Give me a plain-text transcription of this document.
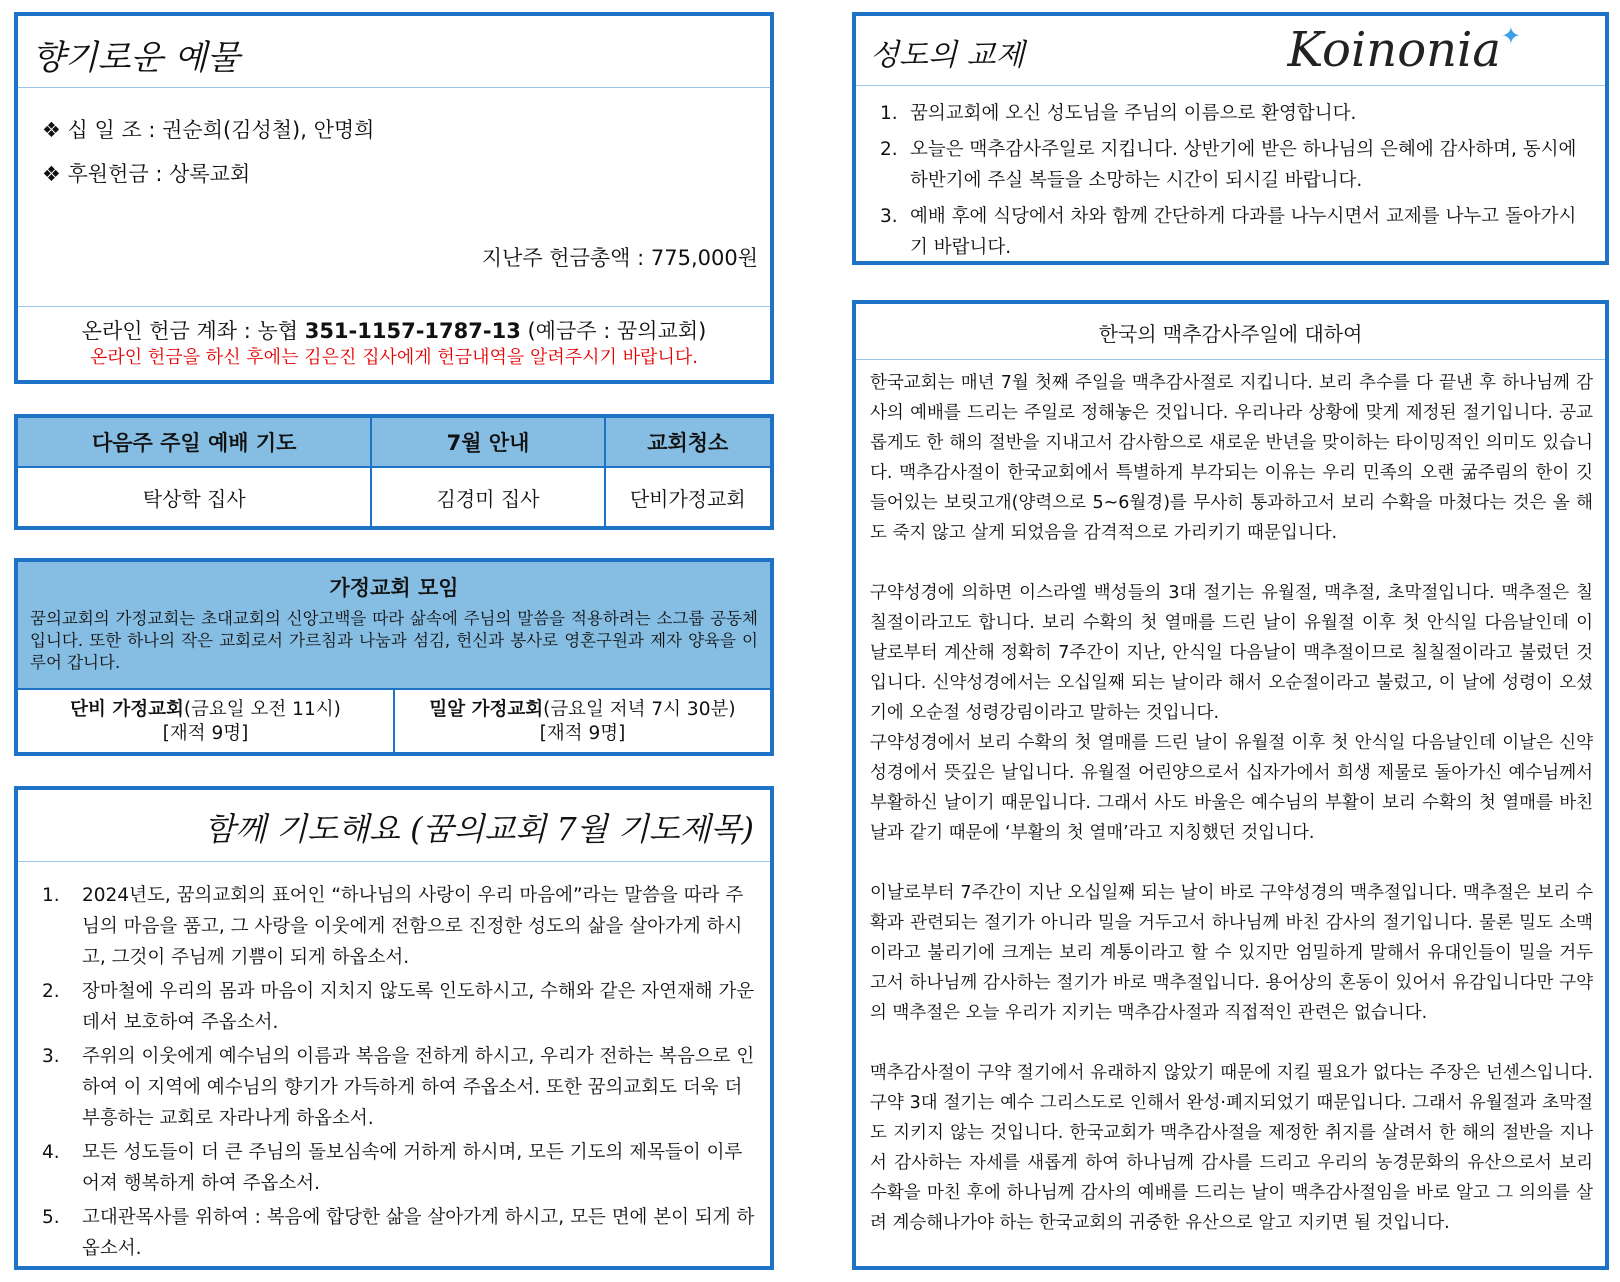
향기로운 예물
❖ 십 일 조 : 권순희(김성철), 안명희
❖ 후원헌금 : 상록교회
지난주 헌금총액 : 775,000원
온라인 헌금 계좌 : 농협 351-1157-1787-13 (예금주 : 꿈의교회)
온라인 헌금을 하신 후에는 김은진 집사에게 헌금내역을 알려주시기 바랍니다.
다음주 주일 예배 기도	7월 안내	교회청소
탁상학 집사	김경미 집사	단비가정교회
가정교회 모임

꿈의교회의 가정교회는 초대교회의 신앙고백을 따라 삶속에 주님의 말씀을 적용하려는 소그룹 공동체입니다. 또한 하나의 작은 교회로서 가르침과 나눔과 섬김, 헌신과 봉사로 영혼구원과 제자 양육을 이루어 갑니다.

단비 가정교회(금요일 오전 11시)
[재적 9명]
밀알 가정교회(금요일 저녁 7시 30분)
[재적 9명]
함께 기도해요 (꿈의교회 7월 기도제목)
1.	2024년도, 꿈의교회의 표어인 “하나님의 사랑이 우리 마음에”라는 말씀을 따라 주님의 마음을 품고, 그 사랑을 이웃에게 전함으로 진정한 성도의 삶을 살아가게 하시고, 그것이 주님께 기쁨이 되게 하옵소서.
2.	장마철에 우리의 몸과 마음이 지치지 않도록 인도하시고, 수해와 같은 자연재해 가운데서 보호하여 주옵소서.
3.	주위의 이웃에게 예수님의 이름과 복음을 전하게 하시고, 우리가 전하는 복음으로 인하여 이 지역에 예수님의 향기가 가득하게 하여 주옵소서. 또한 꿈의교회도 더욱 더 부흥하는 교회로 자라나게 하옵소서.
4.	모든 성도들이 더 큰 주님의 돌보심속에 거하게 하시며, 모든 기도의 제목들이 이루어져 행복하게 하여 주옵소서.
5.	고대관목사를 위하여 : 복음에 합당한 삶을 살아가게 하시고, 모든 면에 본이 되게 하옵소서.
성도의 교제	Koinonia ✦
1. 꿈의교회에 오신 성도님을 주님의 이름으로 환영합니다.
2. 오늘은 맥추감사주일로 지킵니다. 상반기에 받은 하나님의 은혜에 감사하며, 동시에 하반기에 주실 복들을 소망하는 시간이 되시길 바랍니다.
3. 예배 후에 식당에서 차와 함께 간단하게 다과를 나누시면서 교제를 나누고 돌아가시기 바랍니다.
한국의 맥추감사주일에 대하여

한국교회는 매년 7월 첫째 주일을 맥추감사절로 지킵니다. 보리 추수를 다 끝낸 후 하나님께 감사의 예배를 드리는 주일로 정해놓은 것입니다. 우리나라 상황에 맞게 제정된 절기입니다. 공교롭게도 한 해의 절반을 지내고서 감사함으로 새로운 반년을 맞이하는 타이밍적인 의미도 있습니다. 맥추감사절이 한국교회에서 특별하게 부각되는 이유는 우리 민족의 오랜 굶주림의 한이 깃들어있는 보릿고개(양력으로 5~6월경)를 무사히 통과하고서 보리 수확을 마쳤다는 것은 올 해도 죽지 않고 살게 되었음을 감격적으로 가리키기 때문입니다.

구약성경에 의하면 이스라엘 백성들의 3대 절기는 유월절, 맥추절, 초막절입니다. 맥추절은 칠칠절이라고도 합니다. 보리 수확의 첫 열매를 드린 날이 유월절 이후 첫 안식일 다음날인데 이 날로부터 계산해 정확히 7주간이 지난, 안식일 다음날이 맥추절이므로 칠칠절이라고 불렀던 것입니다. 신약성경에서는 오십일째 되는 날이라 해서 오순절이라고 불렀고, 이 날에 성령이 오셨기에 오순절 성령강림이라고 말하는 것입니다.

구약성경에서 보리 수확의 첫 열매를 드린 날이 유월절 이후 첫 안식일 다음날인데 이날은 신약성경에서 뜻깊은 날입니다. 유월절 어린양으로서 십자가에서 희생 제물로 돌아가신 예수님께서 부활하신 날이기 때문입니다. 그래서 사도 바울은 예수님의 부활이 보리 수확의 첫 열매를 바친 날과 같기 때문에 ‘부활의 첫 열매’라고 지칭했던 것입니다.

이날로부터 7주간이 지난 오십일째 되는 날이 바로 구약성경의 맥추절입니다. 맥추절은 보리 수확과 관련되는 절기가 아니라 밀을 거두고서 하나님께 바친 감사의 절기입니다. 물론 밀도 소맥이라고 불리기에 크게는 보리 계통이라고 할 수 있지만 엄밀하게 말해서 유대인들이 밀을 거두고서 하나님께 감사하는 절기가 바로 맥추절입니다. 용어상의 혼동이 있어서 유감입니다만 구약의 맥추절은 오늘 우리가 지키는 맥추감사절과 직접적인 관련은 없습니다.

맥추감사절이 구약 절기에서 유래하지 않았기 때문에 지킬 필요가 없다는 주장은 넌센스입니다. 구약 3대 절기는 예수 그리스도로 인해서 완성·폐지되었기 때문입니다. 그래서 유월절과 초막절도 지키지 않는 것입니다. 한국교회가 맥추감사절을 제정한 취지를 살려서 한 해의 절반을 지나서 감사하는 자세를 새롭게 하여 하나님께 감사를 드리고 우리의 농경문화의 유산으로서 보리 수확을 마친 후에 하나님께 감사의 예배를 드리는 날이 맥추감사절임을 바로 알고 그 의의를 살려 계승해나가야 하는 한국교회의 귀중한 유산으로 알고 지키면 될 것입니다.
